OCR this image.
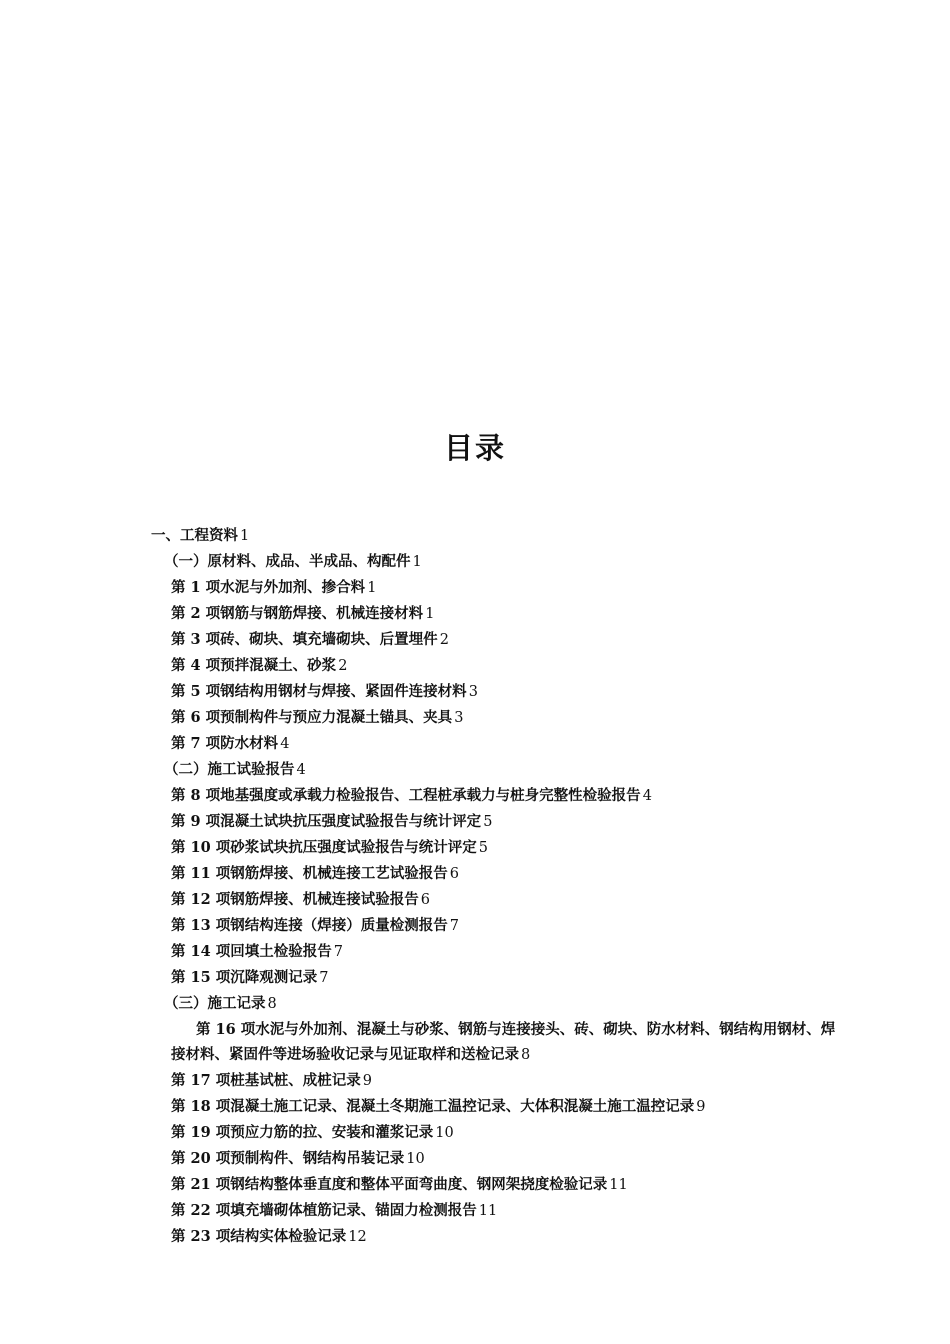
目录
一、工程资料 1
（一）原材料、成品、半成品、构配件 1
第 1 项水泥与外加剂、掺合料 1
第 2 项钢筋与钢筋焊接、机械连接材料 1
第 3 项砖、砌块、填充墙砌块、后置埋件 2
第 4 项预拌混凝土、砂浆 2
第 5 项钢结构用钢材与焊接、紧固件连接材料 3
第 6 项预制构件与预应力混凝土锚具、夹具 3
第 7 项防水材料 4
（二）施工试验报告 4
第 8 项地基强度或承载力检验报告、工程桩承载力与桩身完整性检验报告 4
第 9 项混凝土试块抗压强度试验报告与统计评定 5
第 10 项砂浆试块抗压强度试验报告与统计评定 5
第 11 项钢筋焊接、机械连接工艺试验报告 6
第 12 项钢筋焊接、机械连接试验报告 6
第 13 项钢结构连接（焊接）质量检测报告 7
第 14 项回填土检验报告 7
第 15 项沉降观测记录 7
（三）施工记录 8
第 16 项水泥与外加剂、混凝土与砂浆、钢筋与连接接头、砖、砌块、防水材料、钢结构用钢材、焊接材料、紧固件等进场验收记录与见证取样和送检记录 8
第 17 项桩基试桩、成桩记录 9
第 18 项混凝土施工记录、混凝土冬期施工温控记录、大体积混凝土施工温控记录 9
第 19 项预应力筋的拉、安装和灌浆记录 10
第 20 项预制构件、钢结构吊装记录 10
第 21 项钢结构整体垂直度和整体平面弯曲度、钢网架挠度检验记录 11
第 22 项填充墙砌体植筋记录、锚固力检测报告 11
第 23 项结构实体检验记录 12
